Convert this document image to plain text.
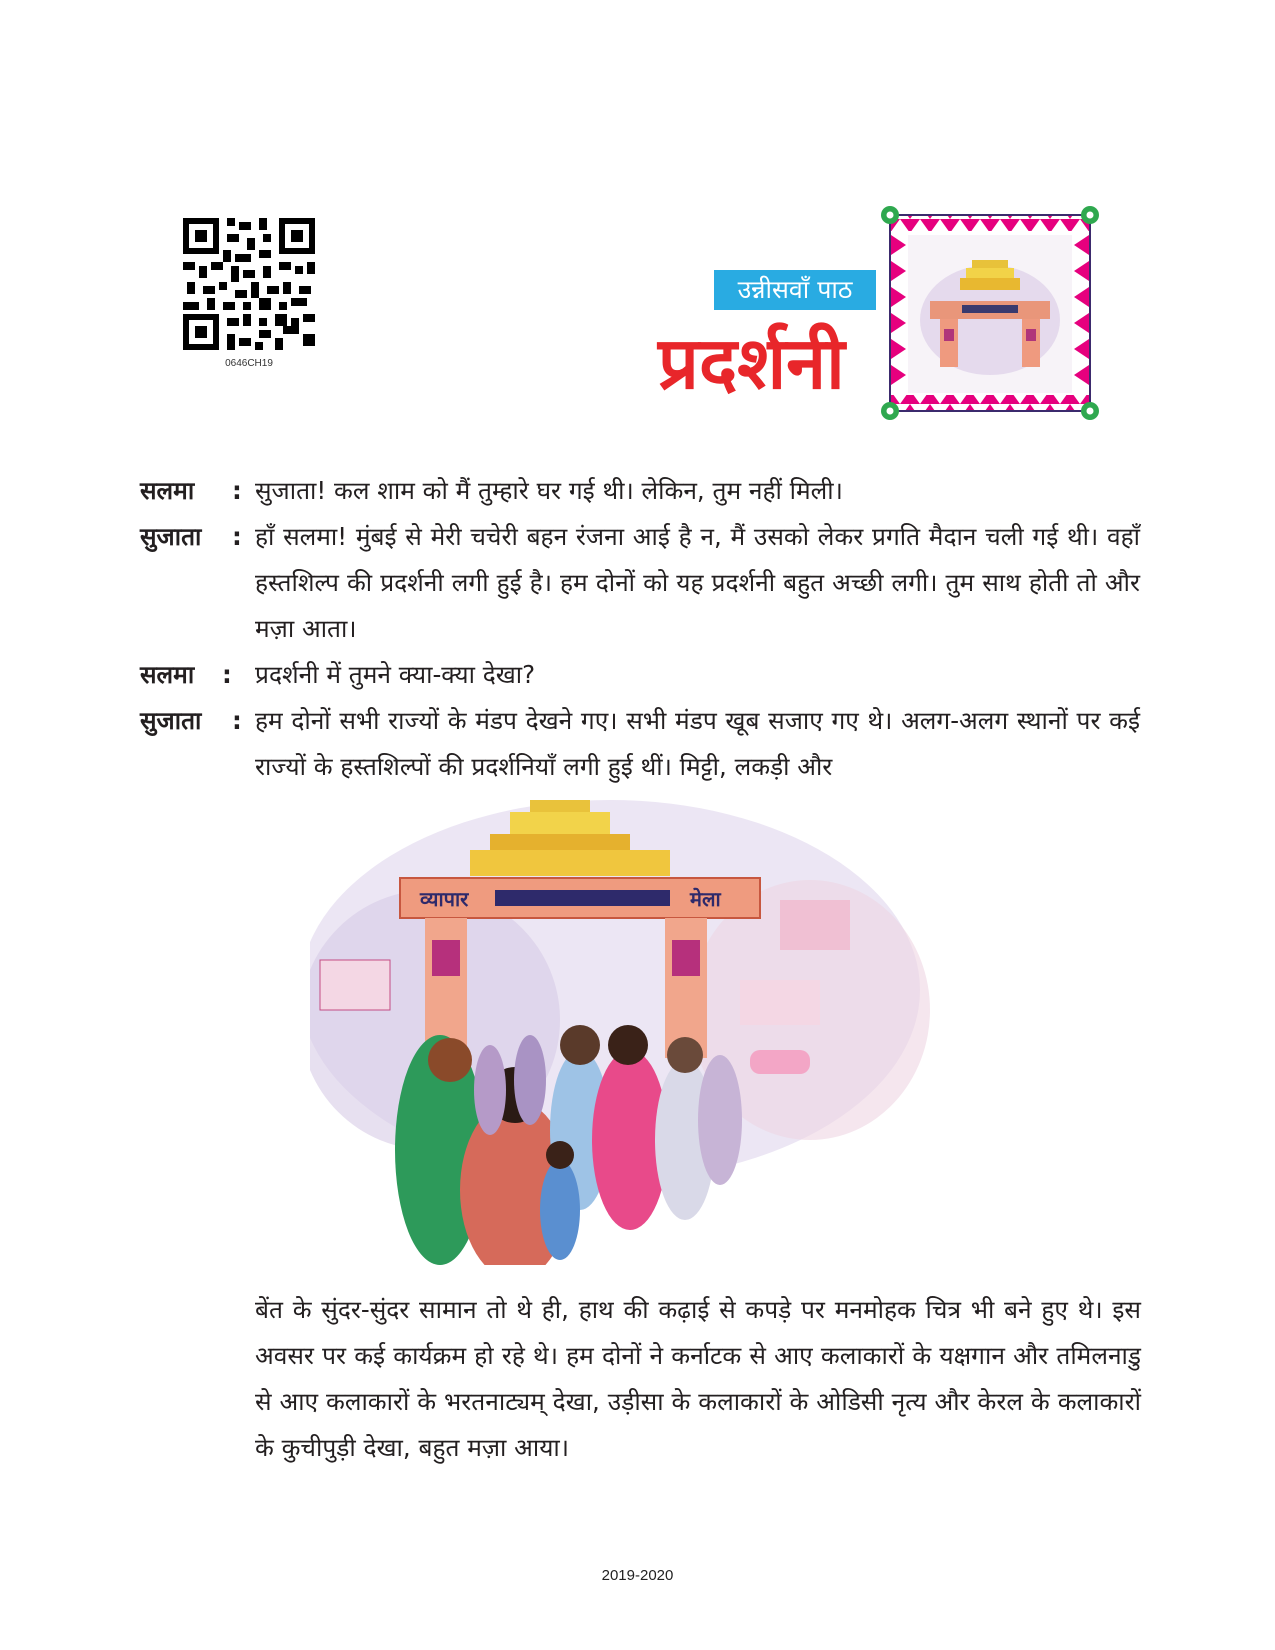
0646CH19
उन्नीसवाँ पाठ
प्रदर्शनी
सलमा : सुजाता! कल शाम को मैं तुम्हारे घर गई थी। लेकिन, तुम नहीं मिली।
सुजाता : हाँ सलमा! मुंबई से मेरी चचेरी बहन रंजना आई है न, मैं उसको लेकर प्रगति मैदान चली गई थी। वहाँ हस्तशिल्प की प्रदर्शनी लगी हुई है। हम दोनों को यह प्रदर्शनी बहुत अच्छी लगी। तुम साथ होती तो और मज़ा आता।
सलमा : प्रदर्शनी में तुमने क्या-क्या देखा?
सुजाता : हम दोनों सभी राज्यों के मंडप देखने गए। सभी मंडप खूब सजाए गए थे। अलग-अलग स्थानों पर कई राज्यों के हस्तशिल्पों की प्रदर्शनियाँ लगी हुई थीं। मिट्टी, लकड़ी और
व्यापार	मेला
बेंत के सुंदर-सुंदर सामान तो थे ही, हाथ की कढ़ाई से कपड़े पर मनमोहक चित्र भी बने हुए थे। इस अवसर पर कई कार्यक्रम हो रहे थे। हम दोनों ने कर्नाटक से आए कलाकारों के यक्षगान और तमिलनाडु से आए कलाकारों के भरतनाट्यम् देखा, उड़ीसा के कलाकारों के ओडिसी नृत्य और केरल के कलाकारों के कुचीपुड़ी देखा, बहुत मज़ा आया।
2019-2020
